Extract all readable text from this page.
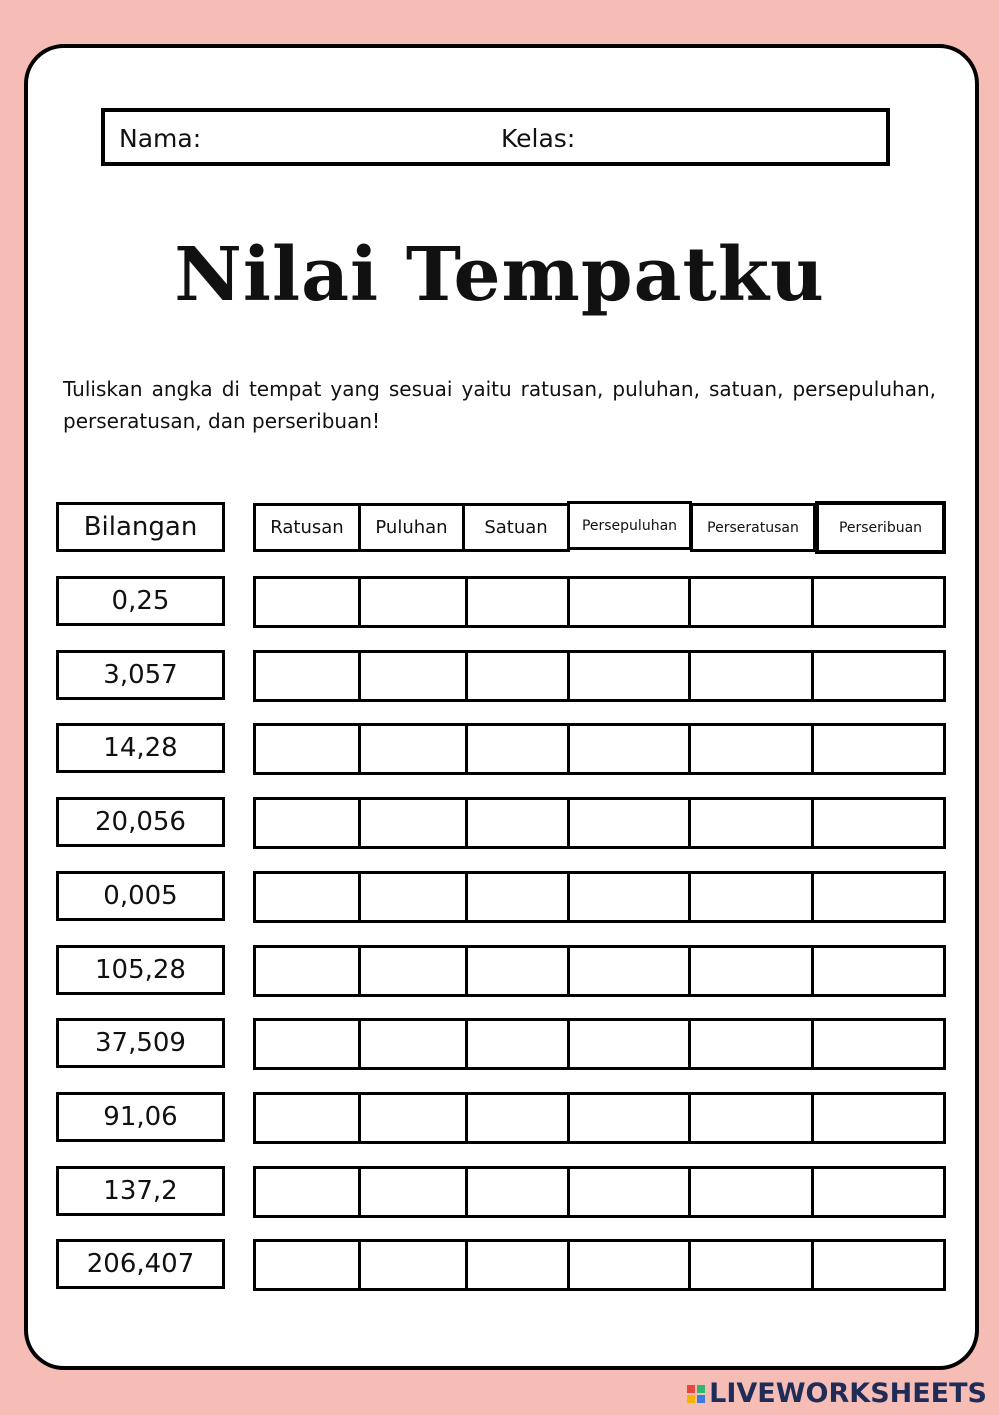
Nama:	Kelas:
Nilai Tempatku
Tuliskan angka di tempat yang sesuai yaitu ratusan, puluhan, satuan, persepuluhan, perseratusan, dan perseribuan!
Bilangan	Ratusan	Puluhan	Satuan	Persepuluhan	Perseratusan	Perseribuan
0,25
3,057
14,28
20,056
0,005
105,28
37,509
91,06
137,2
206,407
LIVEWORKSHEETS
